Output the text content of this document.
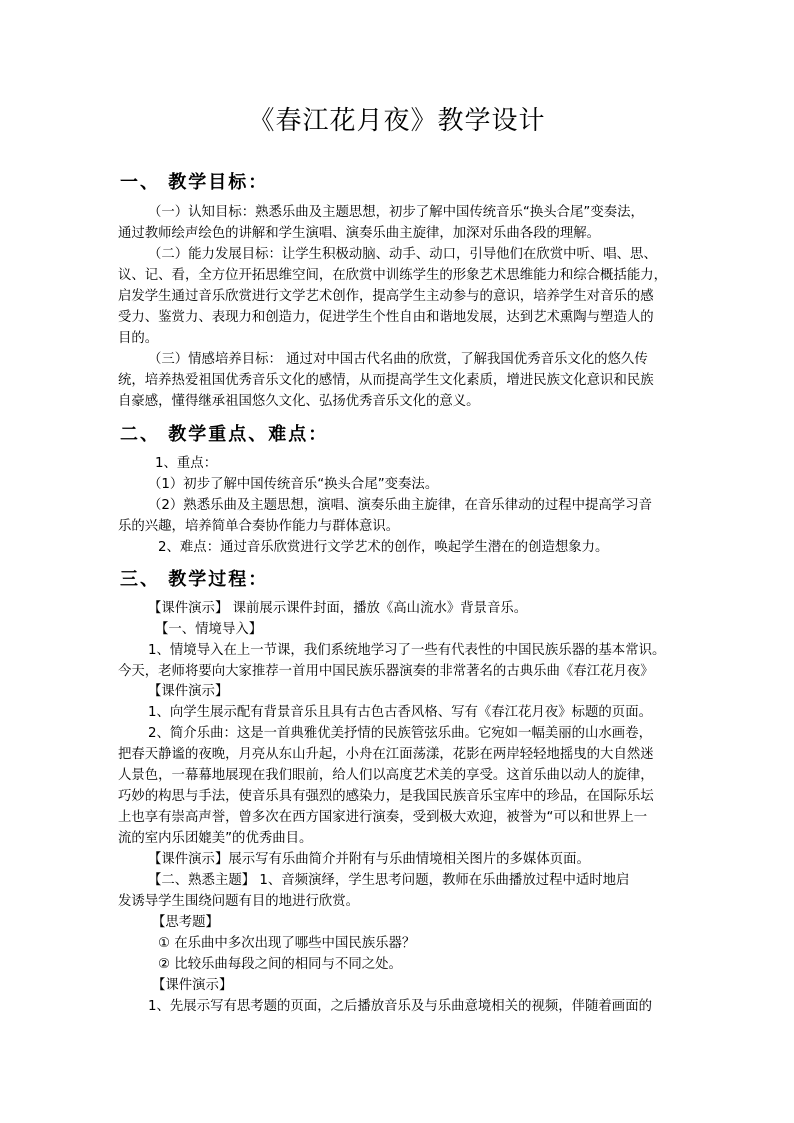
《春江花月夜》教学设计
一、 教学目标：
（一）认知目标：熟悉乐曲及主题思想，初步了解中国传统音乐“换头合尾”变奏法，
通过教师绘声绘色的讲解和学生演唱、演奏乐曲主旋律，加深对乐曲各段的理解。
（二）能力发展目标：让学生积极动脑、动手、动口，引导他们在欣赏中听、唱、思、
议、记、看，全方位开拓思维空间，在欣赏中训练学生的形象艺术思维能力和综合概括能力，
启发学生通过音乐欣赏进行文学艺术创作，提高学生主动参与的意识，培养学生对音乐的感
受力、鉴赏力、表现力和创造力，促进学生个性自由和谐地发展，达到艺术熏陶与塑造人的
目的。
（三）情感培养目标： 通过对中国古代名曲的欣赏，了解我国优秀音乐文化的悠久传
统，培养热爱祖国优秀音乐文化的感情，从而提高学生文化素质，增进民族文化意识和民族
自豪感，懂得继承祖国悠久文化、弘扬优秀音乐文化的意义。
二、 教学重点、难点：
1、重点：
（1）初步了解中国传统音乐“换头合尾”变奏法。
（2）熟悉乐曲及主题思想，演唱、演奏乐曲主旋律，在音乐律动的过程中提高学习音
乐的兴趣，培养简单合奏协作能力与群体意识。
2、难点：通过音乐欣赏进行文学艺术的创作，唤起学生潜在的创造想象力。
三、 教学过程：
【课件演示】 课前展示课件封面，播放《高山流水》背景音乐。
【一、情境导入】
1、情境导入在上一节课，我们系统地学习了一些有代表性的中国民族乐器的基本常识。
今天，老师将要向大家推荐一首用中国民族乐器演奏的非常著名的古典乐曲《春江花月夜》
【课件演示】
1、向学生展示配有背景音乐且具有古色古香风格、写有《春江花月夜》标题的页面。
2、简介乐曲：这是一首典雅优美抒情的民族管弦乐曲。它宛如一幅美丽的山水画卷，
把春天静谧的夜晚，月亮从东山升起，小舟在江面荡漾，花影在两岸轻轻地摇曳的大自然迷
人景色，一幕幕地展现在我们眼前，给人们以高度艺术美的享受。这首乐曲以动人的旋律，
巧妙的构思与手法，使音乐具有强烈的感染力，是我国民族音乐宝库中的珍品，在国际乐坛
上也享有崇高声誉，曾多次在西方国家进行演奏，受到极大欢迎，被誉为“可以和世界上一
流的室内乐团媲美”的优秀曲目。
【课件演示】展示写有乐曲简介并附有与乐曲情境相关图片的多媒体页面。
【二、熟悉主题】 1、音频演绎，学生思考问题，教师在乐曲播放过程中适时地启
发诱导学生围绕问题有目的地进行欣赏。
【思考题】
① 在乐曲中多次出现了哪些中国民族乐器？
② 比较乐曲每段之间的相同与不同之处。
【课件演示】
1、先展示写有思考题的页面，之后播放音乐及与乐曲意境相关的视频，伴随着画面的
